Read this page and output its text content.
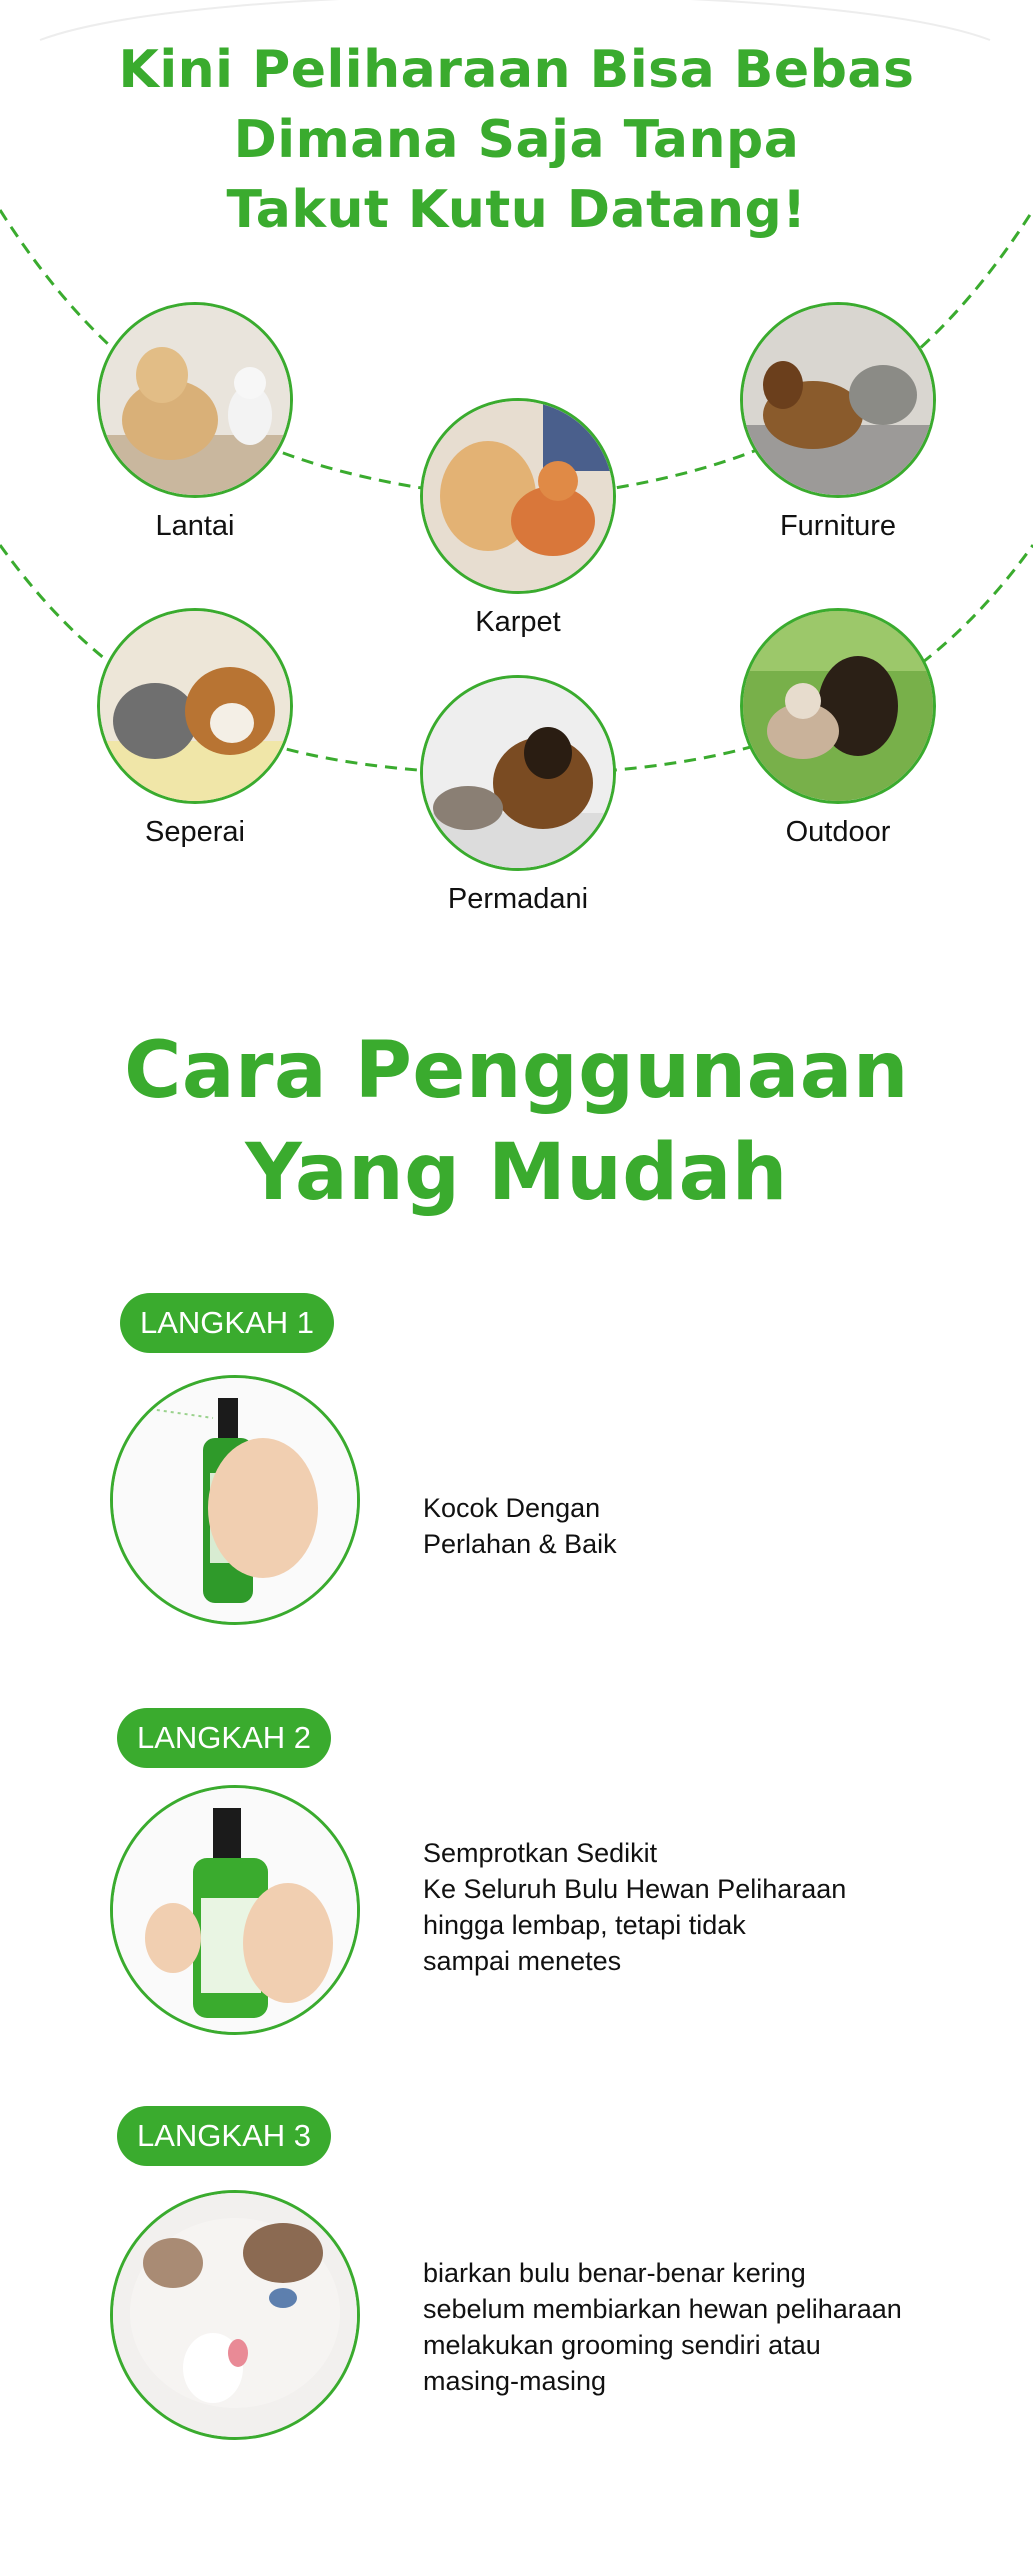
Kini Peliharaan Bisa Bebas
Dimana Saja Tanpa
Takut Kutu Datang!
Lantai
Karpet
Furniture
Seperai
Permadani
Outdoor
Cara Penggunaan
Yang Mudah
LANGKAH 1
Kocok Dengan
Perlahan & Baik
LANGKAH 2
Semprotkan Sedikit
Ke Seluruh Bulu Hewan Peliharaan
hingga lembap, tetapi tidak
sampai menetes
LANGKAH 3
biarkan bulu benar-benar kering
sebelum membiarkan hewan peliharaan
melakukan grooming sendiri atau
masing-masing
